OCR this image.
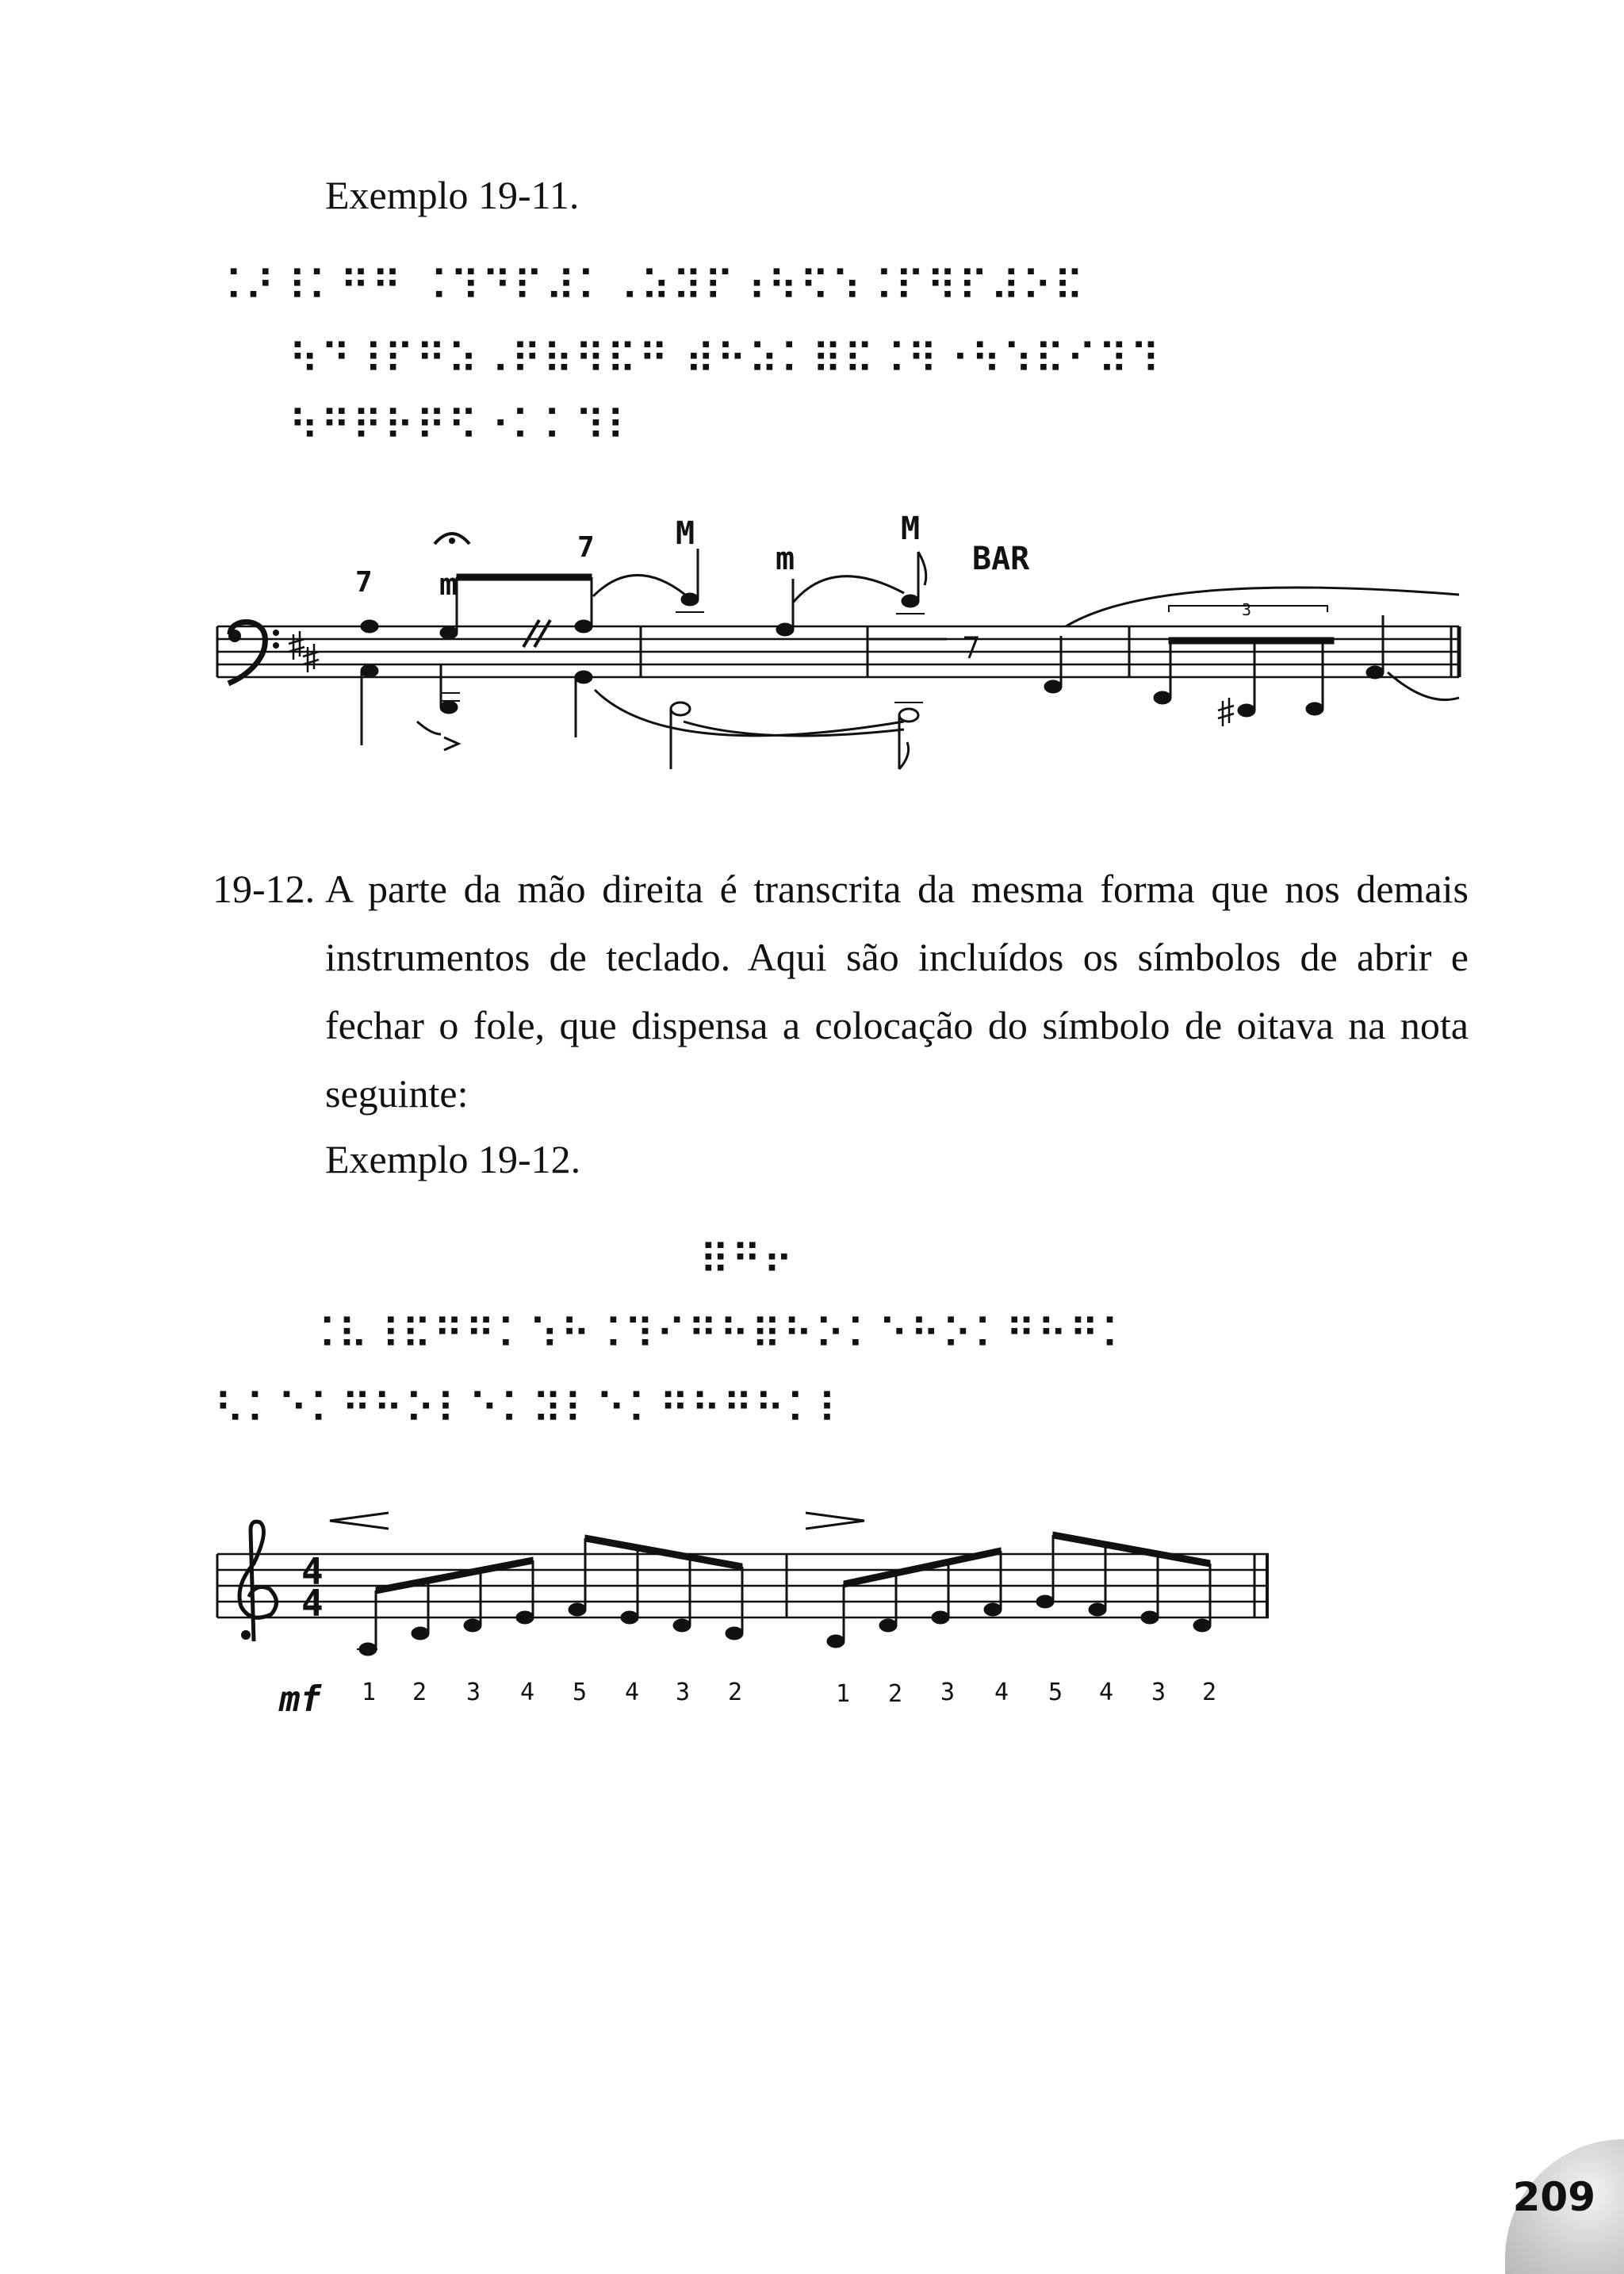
Exemplo 19-11.
⠨⠜⠸⠅⠛⠛ ⠨⠹⠙⠏⠼⠅⠠⠵⠽⠏⠰⠳⠫⠱⠨⠏⠻⠏⠼⠕⠯
⠳⠙⠸⠏⠛⠵⠠⠟⠷⠻⠯⠛ ⠾⠓⠵⠅⠿⠯⠨⠻⠐⠳⠱⠯⠊⠽⠹
⠳⠛⠟⠗⠟⠫⠐⠅⠅⠹⠇
7 m
7	M
m
M
BAR
3
19-12. A parte da mão direita é transcrita da mesma forma que nos demais
instrumentos de teclado. Aqui são incluídos os símbolos de abrir e
fechar o fole, que dispensa a colocação do símbolo de oitava na nota
seguinte:
Exemplo 19-12.
⠿⠛⠖
⠨⠧⠸⠯⠛⠛⠅⠱⠓⠨⠹⠊⠛⠓⠿⠓⠕⠅⠑⠓⠕⠅⠛⠓⠛⠅
⠣⠅⠑⠅⠛⠓⠕⠇⠑⠅⠽⠇⠑⠅⠛⠓⠛⠓⠅⠇
4
4
mf 1 2 3 4 5 4 3 2	1 2 3 4 5 4 3 2
209
